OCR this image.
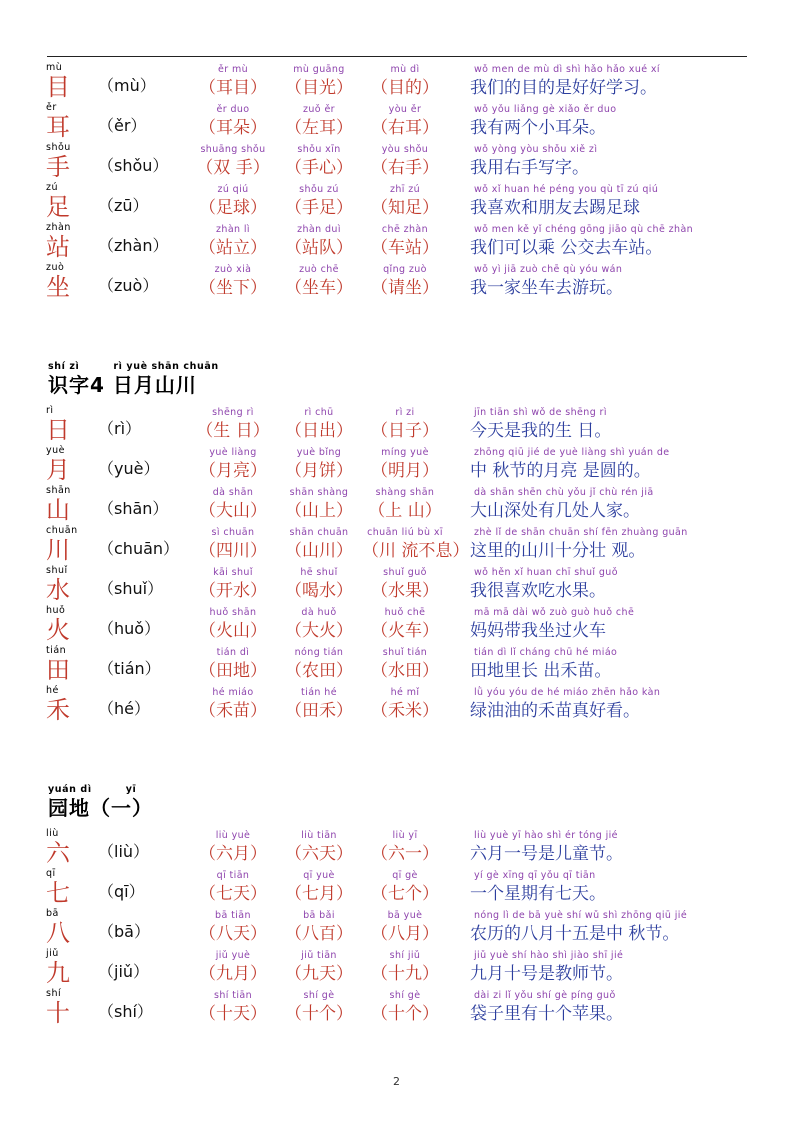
mù
目	（mù）
ěr mù	mù guāng	mù dì
（耳目）	（目光）	（目的）
wǒ men de mù dì shì hǎo hǎo xué xí
我们的目的是好好学习。
ěr
耳	（ěr）
ěr duo	zuǒ ěr	yòu ěr
（耳朵）	（左耳）	（右耳）
wǒ yǒu liǎng gè xiǎo ěr duo
我有两个小耳朵。
shǒu
手	（shǒu）
shuāng shǒu	shǒu xīn	yòu shǒu
（双 手） （手心）	（右手）
wǒ yòng yòu shǒu xiě zì
我用右手写字。
zú
足	（zū）
zú qiú	shǒu zú	zhī zú
（足球）	（手足）	（知足）
wǒ xǐ huan hé péng you qù tī zú qiú
我喜欢和朋友去踢足球
zhàn
站	（zhàn）
zhàn lì	zhàn duì	chē zhàn
（站立）	（站队）	（车站）
wǒ men kě yǐ chéng gōng jiāo qù chē zhàn
我们可以乘 公交去车站。
zuò
坐	（zuò）
zuò xià	zuò chē	qǐng zuò
（坐下）	（坐车）	（请坐）
wǒ yì jiā zuò chē qù yóu wán
我一家坐车去游玩。
shí zì	rì yuè shān chuān
识字4 日月山川
rì
日	（rì）
shēng rì	rì chū	rì zi
（生 日） （日出）	（日子）
jīn tiān shì wǒ de shēng rì
今天是我的生 日。
yuè
月	（yuè）
yuè liàng	yuè bǐng	míng yuè
（月亮）	（月饼）	（明月）
zhōng qiū jié de yuè liàng shì yuán de
中 秋节的月亮 是圆的。
shān
山	（shān）
dà shān	shān shàng	shàng shān
（大山）	（山上） （上 山）
dà shān shēn chù yǒu jǐ chù rén jiā
大山深处有几处人家。
chuān
川	（chuān）
sì chuān	shān chuān	chuān liú bù xī
（四川）	（山川） （川 流不息）
zhè lǐ de shān chuān shí fēn zhuàng guān
这里的山川十分壮 观。
shuǐ
水	（shuǐ）
kāi shuǐ	hē shuǐ	shuǐ guǒ
（开水）	（喝水）	（水果）
wǒ hěn xǐ huan chī shuǐ guǒ
我很喜欢吃水果。
huǒ
火	（huǒ）
huǒ shān	dà huǒ	huǒ chē
（火山）	（大火）	（火车）
mā mā dài wǒ zuò guò huǒ chē
妈妈带我坐过火车
tián
田	（tián）
tián dì	nóng tián	shuǐ tián
（田地）	（农田）	（水田）
tián dì lǐ cháng chū hé miáo
田地里长 出禾苗。
hé
禾	（hé）
hé miáo	tián hé	hé mǐ
（禾苗）	（田禾）	（禾米）
lǜ yóu yóu de hé miáo zhēn hǎo kàn
绿油油的禾苗真好看。
yuán dì	yī
园地（一）
liù
六	（liù）
liù yuè	liù tiān	liù yī
（六月）	（六天）	（六一）
liù yuè yī hào shì ér tóng jié
六月一号是儿童节。
qī
七	（qī）
qī tiān	qī yuè	qī gè
（七天）	（七月）	（七个）
yí gè xīng qī yǒu qī tiān
一个星期有七天。
bā
八	（bā）
bā tiān	bā bǎi	bā yuè
（八天）	（八百）	（八月）
nóng lì de bā yuè shí wǔ shì zhōng qiū jié
农历的八月十五是中 秋节。
jiǔ
九	（jiǔ）
jiǔ yuè	jiǔ tiān	shí jiǔ
（九月）	（九天）	（十九）
jiǔ yuè shí hào shì jiào shī jié
九月十号是教师节。
shí
十	（shí）
shí tiān	shí gè	shí gè
（十天）	（十个）	（十个）
dài zi lǐ yǒu shí gè píng guǒ
袋子里有十个苹果。
2
